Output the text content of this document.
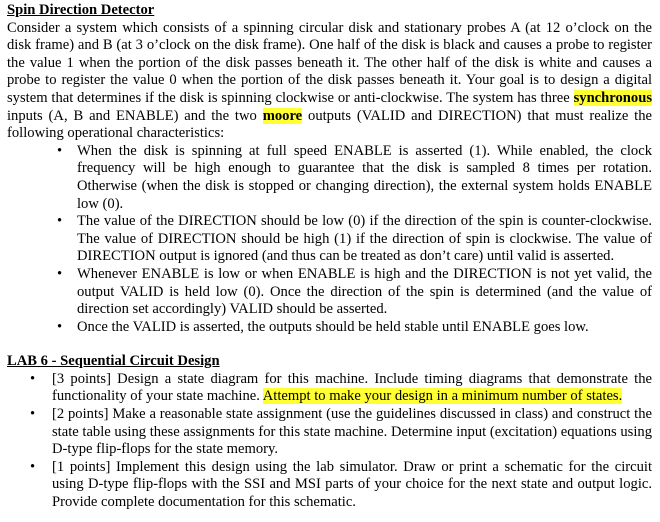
Spin Direction Detector

Consider a system which consists of a spinning circular disk and stationary probes A (at 12 o’clock on the disk frame) and B (at 3 o’clock on the disk frame). One half of the disk is black and causes a probe to register the value 1 when the portion of the disk passes beneath it. The other half of the disk is white and causes a probe to register the value 0 when the portion of the disk passes beneath it. Your goal is to design a digital system that determines if the disk is spinning clockwise or anti-clockwise. The system has three synchronous inputs (A, B and ENABLE) and the two moore outputs (VALID and DIRECTION) that must realize the following operational characteristics:

• When the disk is spinning at full speed ENABLE is asserted (1). While enabled, the clock frequency will be high enough to guarantee that the disk is sampled 8 times per rotation. Otherwise (when the disk is stopped or changing direction), the external system holds ENABLE low (0).
• The value of the DIRECTION should be low (0) if the direction of the spin is counter-clockwise. The value of DIRECTION should be high (1) if the direction of spin is clockwise. The value of DIRECTION output is ignored (and thus can be treated as don’t care) until valid is asserted.
• Whenever ENABLE is low or when ENABLE is high and the DIRECTION is not yet valid, the output VALID is held low (0). Once the direction of the spin is determined (and the value of direction set accordingly) VALID should be asserted.
• Once the VALID is asserted, the outputs should be held stable until ENABLE goes low.
LAB 6 - Sequential Circuit Design
• [3 points] Design a state diagram for this machine. Include timing diagrams that demonstrate the functionality of your state machine. Attempt to make your design in a minimum number of states.
• [2 points] Make a reasonable state assignment (use the guidelines discussed in class) and construct the state table using these assignments for this state machine. Determine input (excitation) equations using D-type flip-flops for the state memory.
• [1 points] Implement this design using the lab simulator. Draw or print a schematic for the circuit using D-type flip-flops with the SSI and MSI parts of your choice for the next state and output logic. Provide complete documentation for this schematic.
